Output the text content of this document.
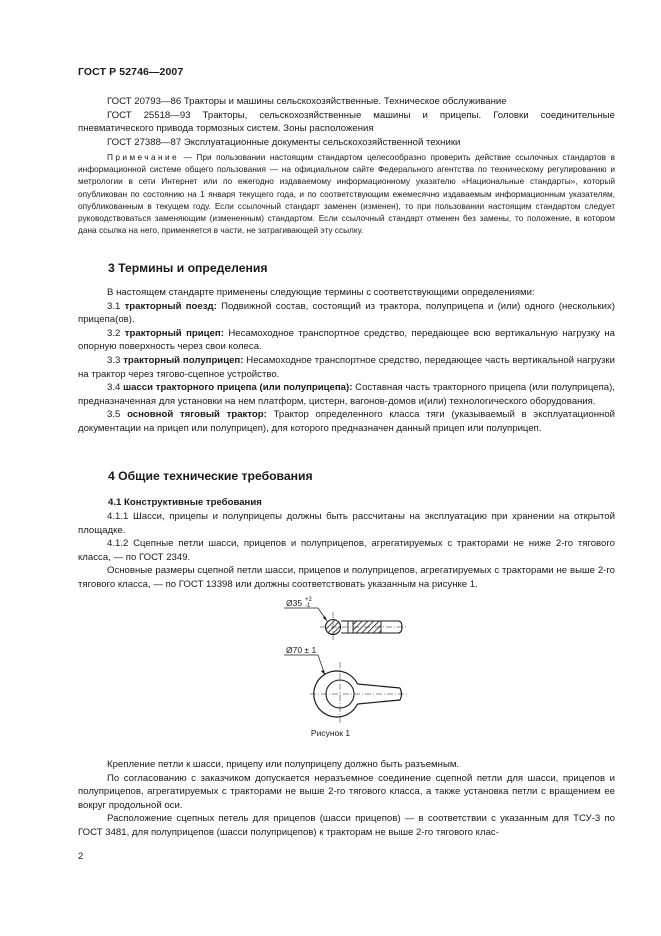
ГОСТ Р 52746—2007

ГОСТ 20793—86 Тракторы и машины сельскохозяйственные. Техническое обслуживание

ГОСТ 25518—93 Тракторы, сельскохозяйственные машины и прицепы. Головки соединительные пневматического привода тормозных систем. Зоны расположения

ГОСТ 27388—87 Эксплуатационные документы сельскохозяйственной техники

Примечание — При пользовании настоящим стандартом целесообразно проверить действие ссылочных стандартов в информационной системе общего пользования — на официальном сайте Федерального агентства по техническому регулированию и метрологии в сети Интернет или по ежегодно издаваемому информационному указателю «Национальные стандарты», который опубликован по состоянию на 1 января текущего года, и по соответствующим ежемесячно издаваемым информационным указателям, опубликованным в текущем году. Если ссылочный стандарт заменен (изменен), то при пользовании настоящим стандартом следует руководствоваться заменяющим (измененным) стандартом. Если ссылочный стандарт отменен без замены, то положение, в котором дана ссылка на него, применяется в части, не затрагивающей эту ссылку.

3 Термины и определения

В настоящем стандарте применены следующие термины с соответствующими определениями:

3.1 тракторный поезд: Подвижной состав, состоящий из трактора, полуприцепа и (или) одного (нескольких) прицепа(ов).

3.2 тракторный прицеп: Несамоходное транспортное средство, передающее всю вертикальную нагрузку на опорную поверхность через свои колеса.

3.3 тракторный полуприцеп: Несамоходное транспортное средство, передающее часть вертикальной нагрузки на трактор через тягово-сцепное устройство.

3.4 шасси тракторного прицепа (или полуприцепа): Составная часть тракторного прицепа (или полуприцепа), предназначенная для установки на нем платформ, цистерн, вагонов-домов и(или) технологического оборудования.

3.5 основной тяговый трактор: Трактор определенного класса тяги (указываемый в эксплуатационной документации на прицеп или полуприцеп), для которого предназначен данный прицеп или полуприцеп.

4 Общие технические требования
4.1 Конструктивные требования

4.1.1 Шасси, прицепы и полуприцепы должны быть рассчитаны на эксплуатацию при хранении на открытой площадке.

4.1.2 Сцепные петли шасси, прицепов и полуприцепов, агрегатируемых с тракторами не ниже 2-го тягового класса, — по ГОСТ 2349.

Основные размеры сцепной петли шасси, прицепов и полуприцепов, агрегатируемых с тракторами не выше 2-го тягового класса, — по ГОСТ 13398 или должны соответствовать указанным на рисунке 1.

Ø35 +2
-1
Ø70 ± 1
Рисунок 1

Крепление петли к шасси, прицепу или полуприцепу должно быть разъемным.

По согласованию с заказчиком допускается неразъемное соединение сцепной петли для шасси, прицепов и полуприцепов, агрегатируемых с тракторами не выше 2-го тягового класса, а также установка петли с вращением ее вокруг продольной оси.

Расположение сцепных петель для прицепов (шасси прицепов) — в соответствии с указанным для ТСУ-3 по ГОСТ 3481, для полуприцепов (шасси полуприцепов) к тракторам не выше 2-го тягового клас-

2
